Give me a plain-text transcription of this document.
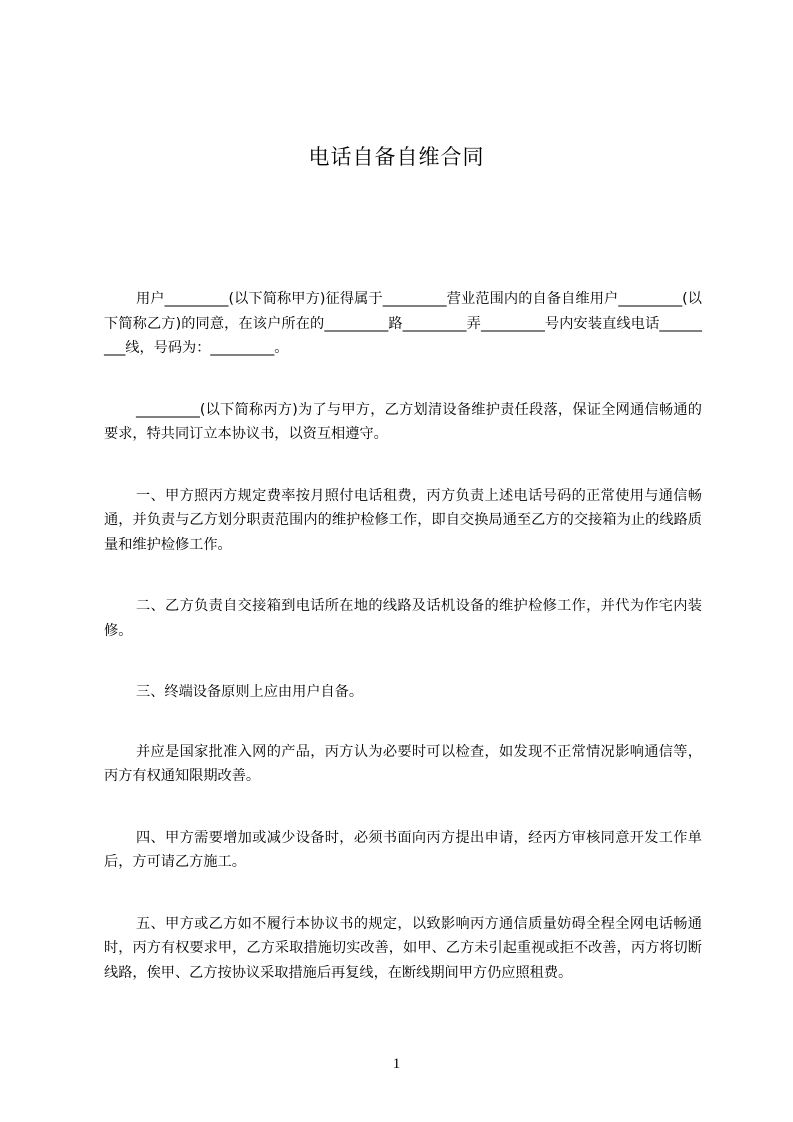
电话自备自维合同

用户_________(以下简称甲方)征得属于_________营业范围内的自备自维用户_________(以下简称乙方)的同意，在该户所在的_________路_________弄_________号内安装直线电话_________线，号码为：_________。

_________(以下简称丙方)为了与甲方，乙方划清设备维护责任段落，保证全网通信畅通的要求，特共同订立本协议书，以资互相遵守。

一、甲方照丙方规定费率按月照付电话租费，丙方负责上述电话号码的正常使用与通信畅通，并负责与乙方划分职责范围内的维护检修工作，即自交换局通至乙方的交接箱为止的线路质量和维护检修工作。

二、乙方负责自交接箱到电话所在地的线路及话机设备的维护检修工作，并代为作宅内装修。

三、终端设备原则上应由用户自备。

并应是国家批准入网的产品，丙方认为必要时可以检查，如发现不正常情况影响通信等，丙方有权通知限期改善。

四、甲方需要增加或减少设备时，必须书面向丙方提出申请，经丙方审核同意开发工作单后，方可请乙方施工。

五、甲方或乙方如不履行本协议书的规定，以致影响丙方通信质量妨碍全程全网电话畅通时，丙方有权要求甲，乙方采取措施切实改善，如甲、乙方未引起重视或拒不改善，丙方将切断线路，俟甲、乙方按协议采取措施后再复线，在断线期间甲方仍应照租费。

1
